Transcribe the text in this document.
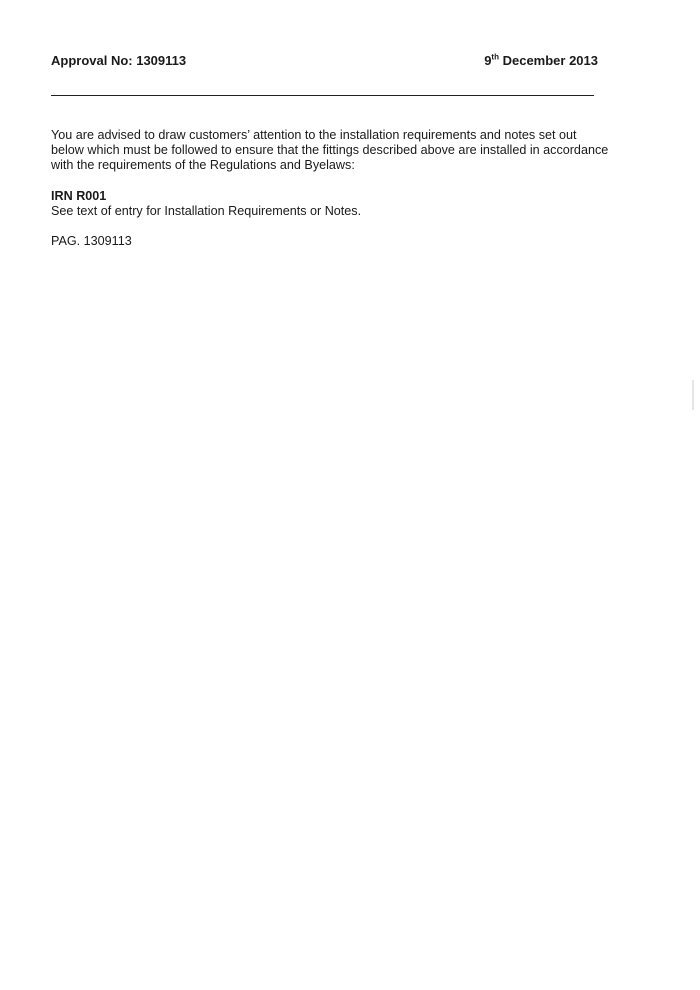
Approval No: 1309113	9th December 2013

You are advised to draw customers’ attention to the installation requirements and notes set out below which must be followed to ensure that the fittings described above are installed in accordance with the requirements of the Regulations and Byelaws:

IRN R001

See text of entry for Installation Requirements or Notes.

PAG. 1309113
